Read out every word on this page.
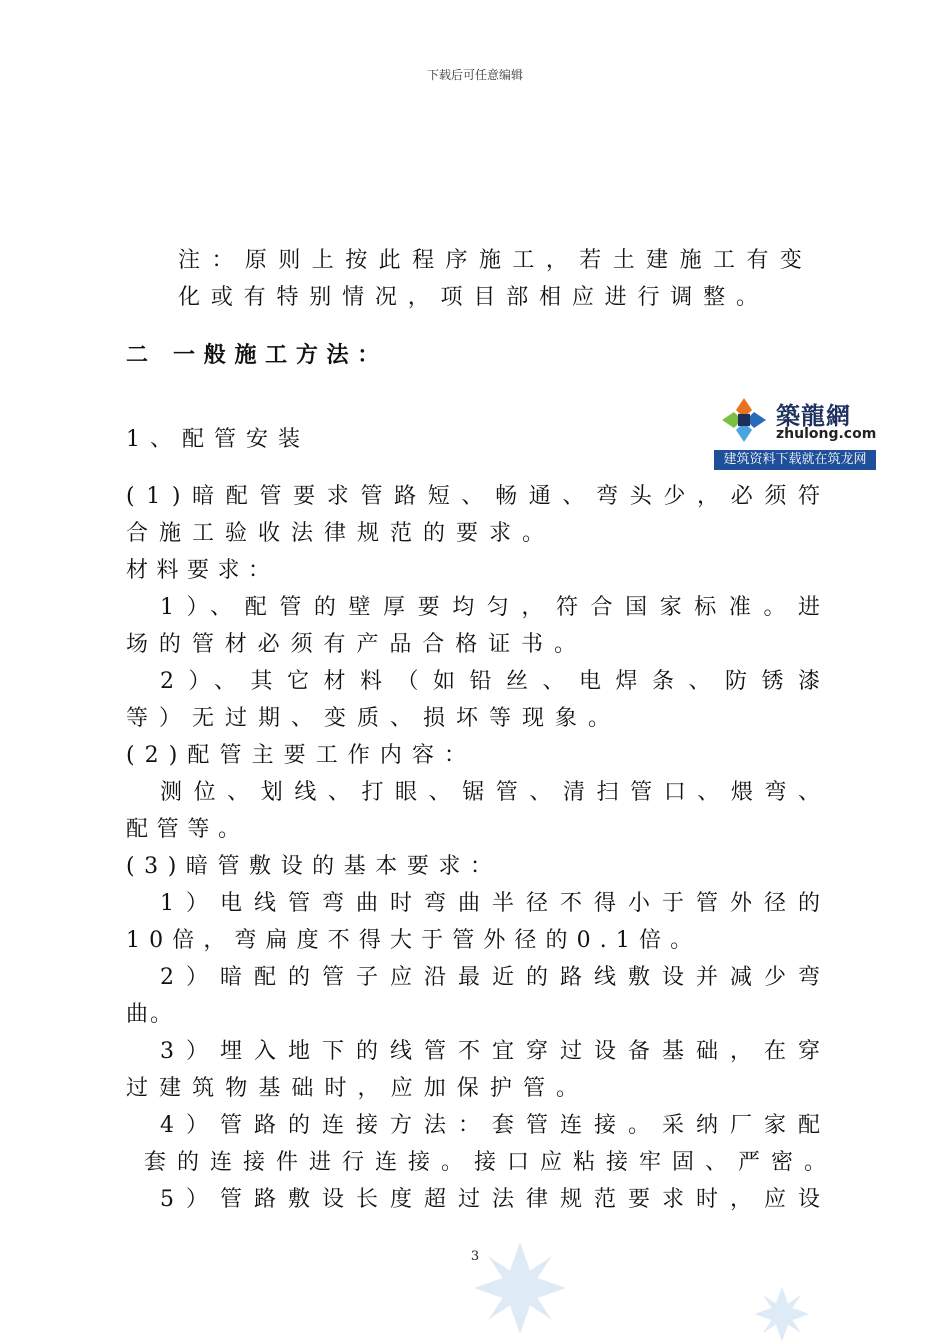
下载后可任意编辑
注：原则上按此程序施工，若土建施工有变
化或有特别情况，项目部相应进行调整。
二 一般施工方法：
1、配管安装
(1)暗配管要求管路短、畅通、弯头少，必须符
合施工验收法律规范的要求。
材料要求：
1）、配管的壁厚要均匀，符合国家标准。进
场的管材必须有产品合格证书。
2）、其它材料（如铅丝、电焊条、防锈漆
等）无过期、变质、损坏等现象。
(2)配管主要工作内容：
测位、划线、打眼、锯管、清扫管口、煨弯、
配管等。
(3)暗管敷设的基本要求：
1）电线管弯曲时弯曲半径不得小于管外径的
10倍，弯扁度不得大于管外径的0.1倍。
2）暗配的管子应沿最近的路线敷设并减少弯
曲。
3）埋入地下的线管不宜穿过设备基础，在穿
过建筑物基础时，应加保护管。
4）管路的连接方法：套管连接。采纳厂家配
套的连接件进行连接。接口应粘接牢固、严密。
5）管路敷设长度超过法律规范要求时，应设
築龍網
zhulong.com
建筑资料下载就在筑龙网
3
